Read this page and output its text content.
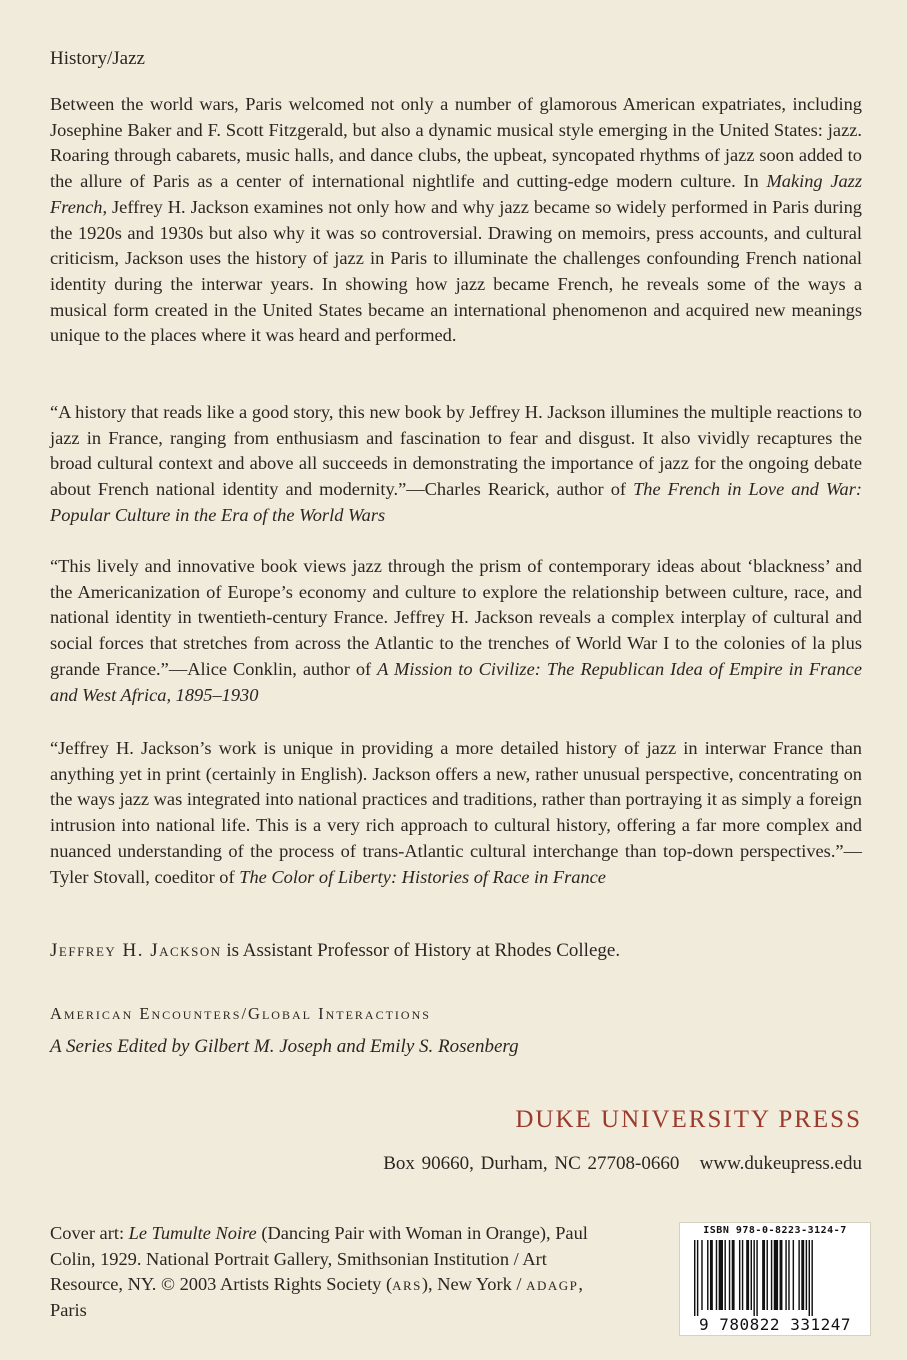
History/Jazz

Between the world wars, Paris welcomed not only a number of glamorous American expatriates, including Josephine Baker and F. Scott Fitzgerald, but also a dynamic musical style emerging in the United States: jazz. Roaring through cabarets, music halls, and dance clubs, the upbeat, syncopated rhythms of jazz soon added to the allure of Paris as a center of international nightlife and cutting-edge modern culture. In Making Jazz French, Jeffrey H. Jackson examines not only how and why jazz became so widely performed in Paris during the 1920s and 1930s but also why it was so controversial. Drawing on memoirs, press accounts, and cultural criticism, Jackson uses the history of jazz in Paris to illuminate the challenges confounding French national identity during the interwar years. In showing how jazz became French, he reveals some of the ways a musical form created in the United States became an international phenomenon and acquired new meanings unique to the places where it was heard and performed.

“A history that reads like a good story, this new book by Jeffrey H. Jackson illumines the multiple reactions to jazz in France, ranging from enthusiasm and fascination to fear and disgust. It also vividly recaptures the broad cultural context and above all succeeds in demonstrating the importance of jazz for the ongoing debate about French national identity and modernity.”—Charles Rearick, author of The French in Love and War: Popular Culture in the Era of the World Wars

“This lively and innovative book views jazz through the prism of contemporary ideas about ‘blackness’ and the Americanization of Europe’s economy and culture to explore the relationship between culture, race, and national identity in twentieth-century France. Jeffrey H. Jackson reveals a complex interplay of cultural and social forces that stretches from across the Atlantic to the trenches of World War I to the colonies of la plus grande France.”—Alice Conklin, author of A Mission to Civilize: The Republican Idea of Empire in France and West Africa, 1895–1930

“Jeffrey H. Jackson’s work is unique in providing a more detailed history of jazz in interwar France than anything yet in print (certainly in English). Jackson offers a new, rather unusual perspective, concentrating on the ways jazz was integrated into national practices and traditions, rather than portraying it as simply a foreign intrusion into national life. This is a very rich approach to cultural history, offering a far more complex and nuanced understanding of the process of trans-Atlantic cultural interchange than top-down perspectives.”—Tyler Stovall, coeditor of The Color of Liberty: Histories of Race in France

Jeffrey H. Jackson is Assistant Professor of History at Rhodes College.
American Encounters/Global Interactions
A Series Edited by Gilbert M. Joseph and Emily S. Rosenberg
DUKE UNIVERSITY PRESS
Box 90660, Durham, NC 27708-0660 www.dukeupress.edu

Cover art: Le Tumulte Noire (Dancing Pair with Woman in Orange), Paul Colin, 1929. National Portrait Gallery, Smithsonian Institution / Art Resource, NY. © 2003 Artists Rights Society (ars), New York / adagp, Paris

ISBN 978-0-8223-3124-7
9 780822 331247
